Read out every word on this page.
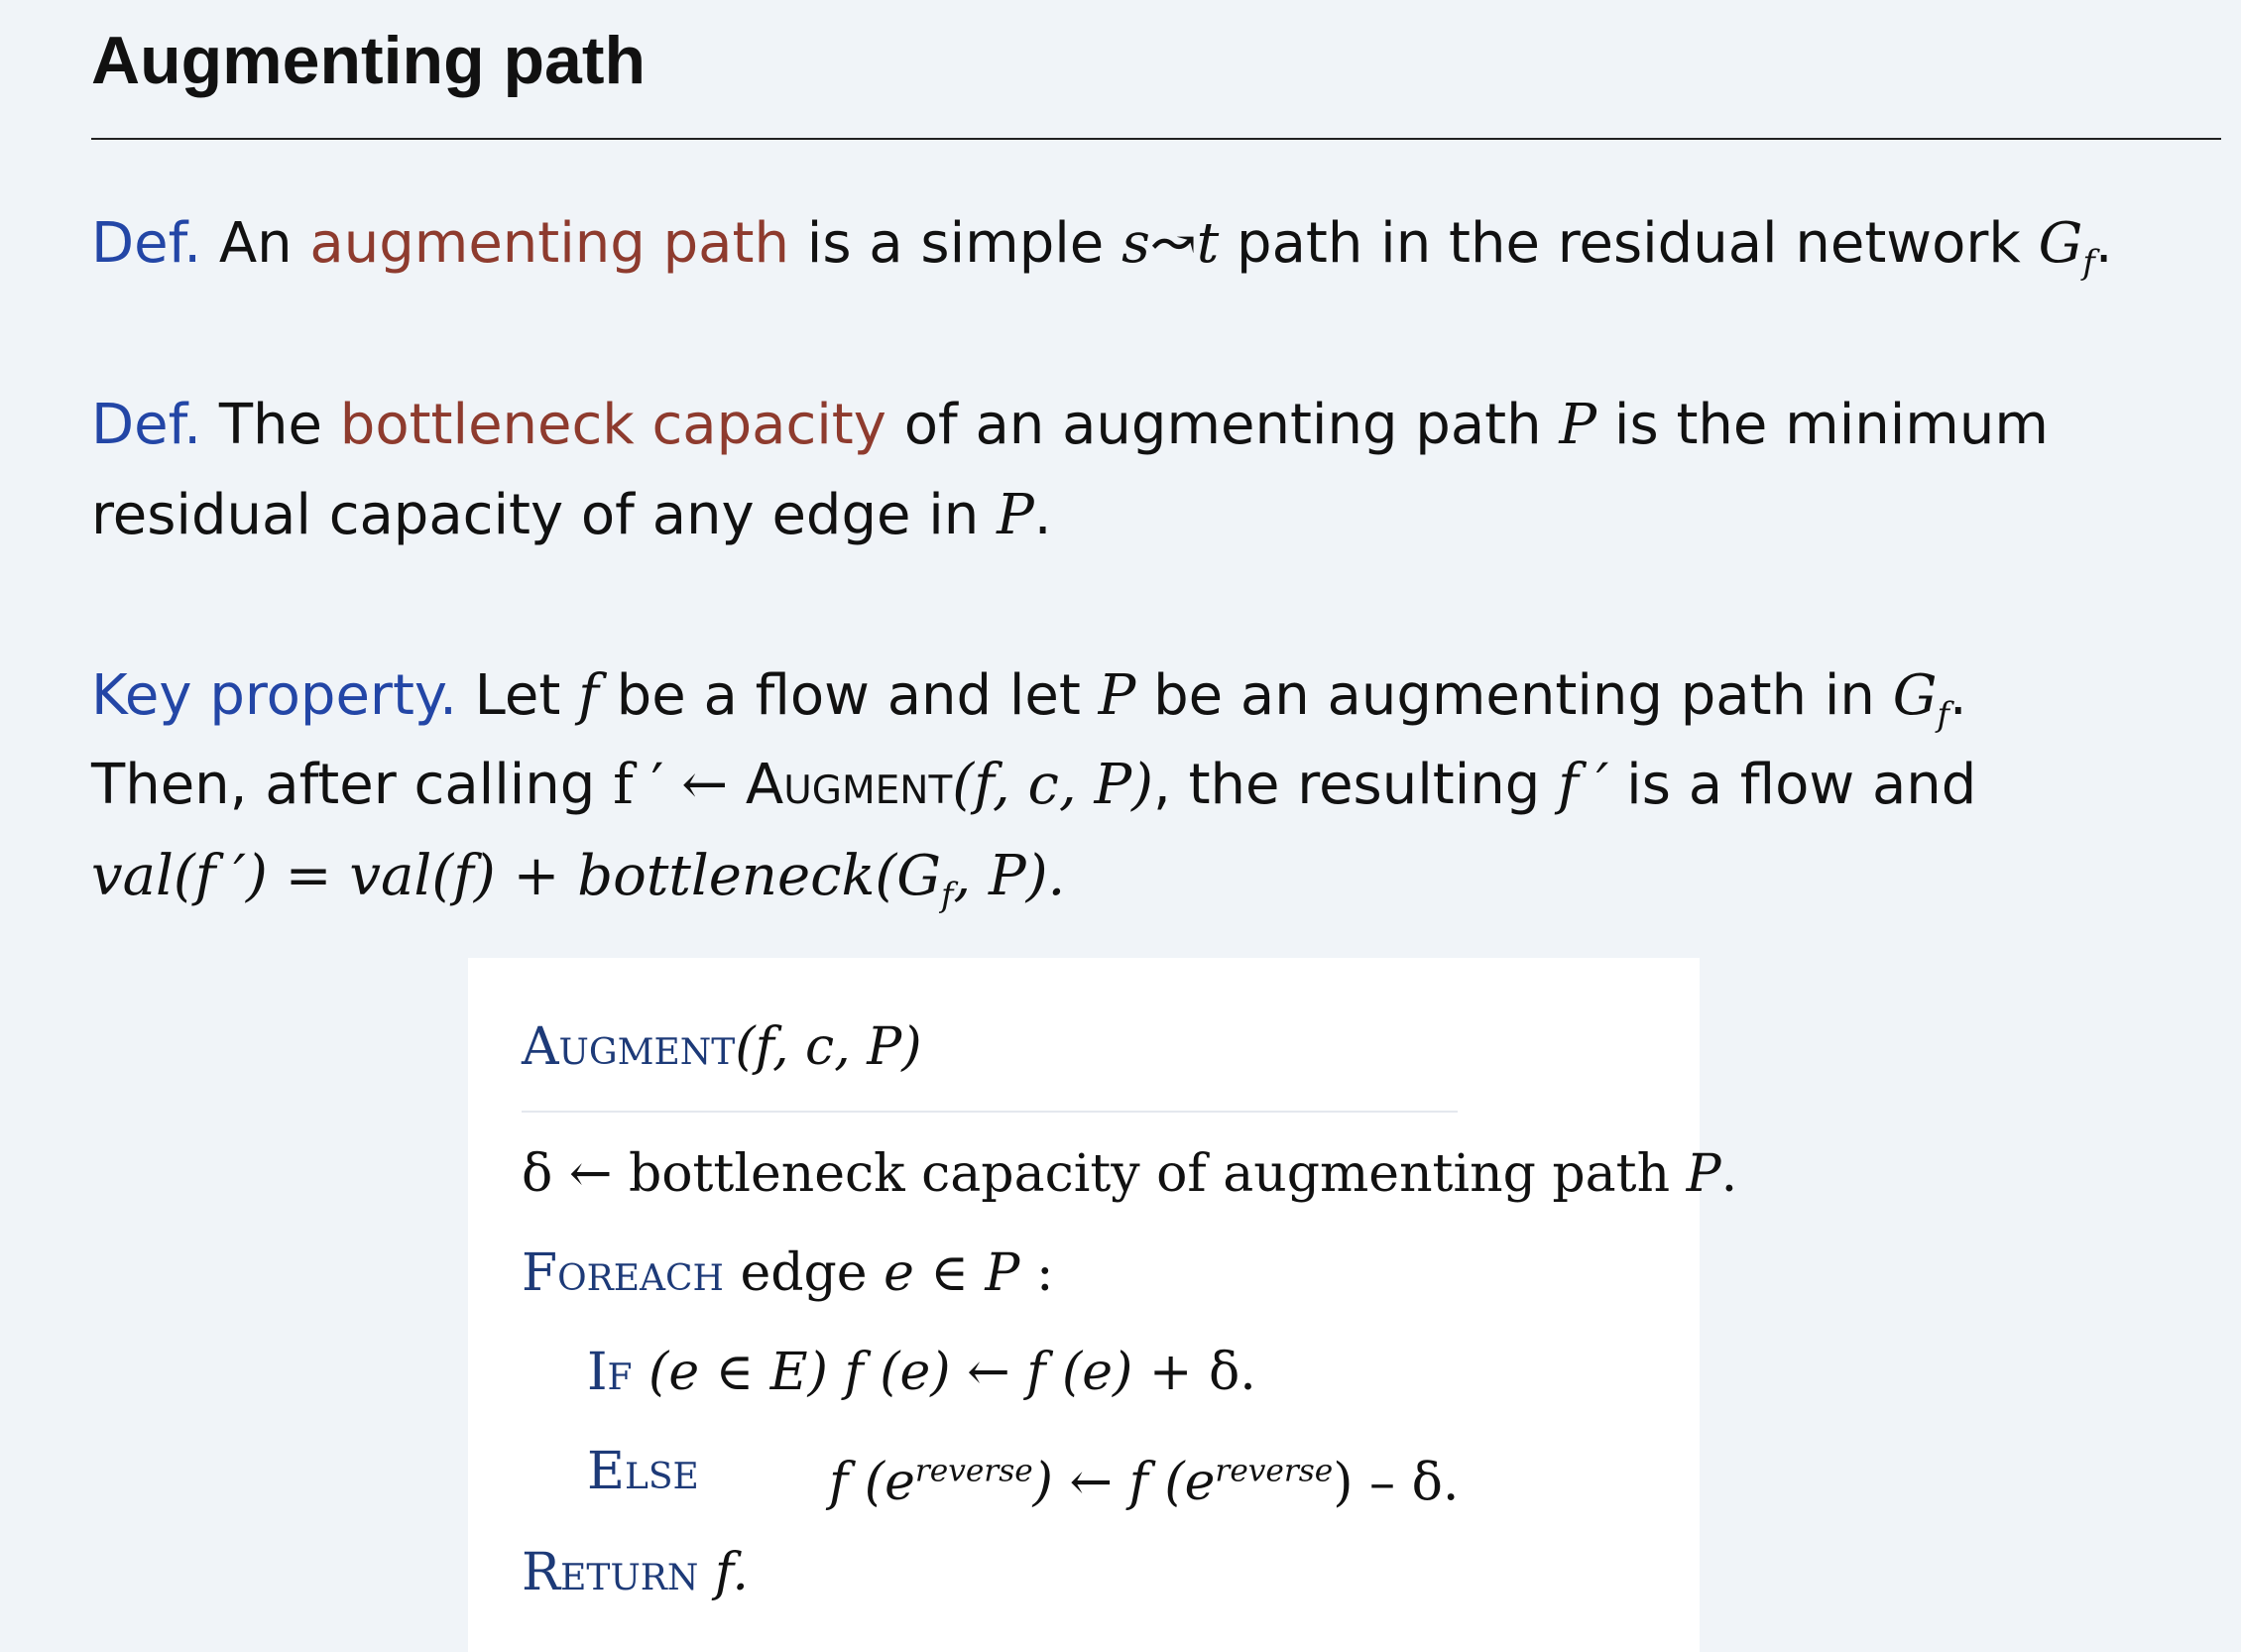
Augmenting path
Def. An augmenting path is a simple s↝t path in the residual network $G_f$.
Def. The bottleneck capacity of an augmenting path P is the minimum
residual capacity of any edge in P.
Key property. Let f be a flow and let P be an augmenting path in $G_f$.
Then, after calling f ′ ← Augment(f, c, P), the resulting f ′ is a flow and
val(f ′) = $val(f) + bottleneck(G_f$, P).
Augment(f, c, P)
δ ← bottleneck capacity of augmenting path P.
Foreach edge e ∈ P :
If (e ∈ E) f (e) ← f (e) + δ.
Else	f $(e^{reverse})$ ← f $(e^{reverse})$ – δ.
Return f.
